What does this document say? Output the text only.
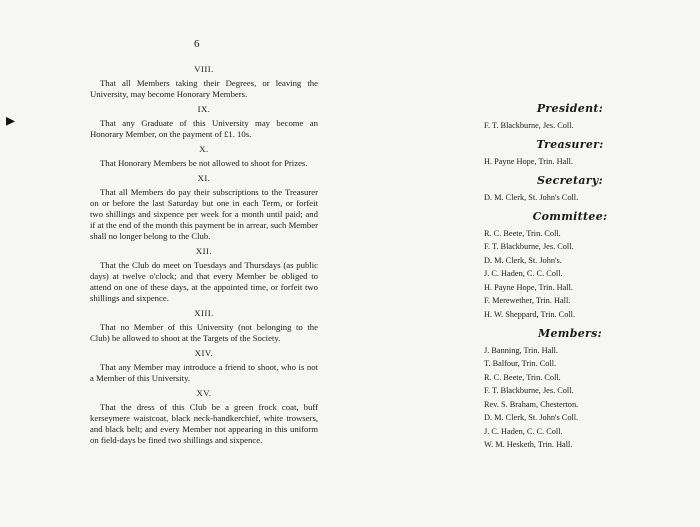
▸
6
VIII.

That all Members taking their Degrees, or leaving the University, may become Honorary Members.

IX.

That any Graduate of this University may become an Honorary Member, on the payment of £1. 10s.

X.

That Honorary Members be not allowed to shoot for Prizes.

XI.

That all Members do pay their subscriptions to the Treasurer on or before the last Saturday but one in each Term, or forfeit two shillings and sixpence per week for a month until paid; and if at the end of the month this payment be in arrear, such Member shall no longer belong to the Club.

XII.

That the Club do meet on Tuesdays and Thursdays (as public days) at twelve o'clock; and that every Member be obliged to attend on one of these days, at the appointed time, or forfeit two shillings and sixpence.

XIII.

That no Member of this University (not belonging to the Club) be allowed to shoot at the Targets of the Society.

XIV.

That any Member may introduce a friend to shoot, who is not a Member of this University.

XV.

That the dress of this Club be a green frock coat, buff kerseymere waistcoat, black neck-handkerchief, white trowsers, and black belt; and every Member not appearing in this uniform on field-days be fined two shillings and sixpence.

President:
F. T. Blackburne, Jes. Coll.
Treasurer:
H. Payne Hope, Trin. Hall.
Secretary:
D. M. Clerk, St. John's Coll.
Committee:
R. C. Beete, Trin. Coll.
F. T. Blackburne, Jes. Coll.
D. M. Clerk, St. John's.
J. C. Haden, C. C. Coll.
H. Payne Hope, Trin. Hall.
F. Merewether, Trin. Hall.
H. W. Sheppard, Trin. Coll.
Members:
J. Banning, Trin. Hall.
T. Balfour, Trin. Coll.
R. C. Beete, Trin. Coll.
F. T. Blackburne, Jes. Coll.
Rev. S. Braham, Chesterton.
D. M. Clerk, St. John's Coll.
J. C. Haden, C. C. Coll.
W. M. Hesketh, Trin. Hall.
